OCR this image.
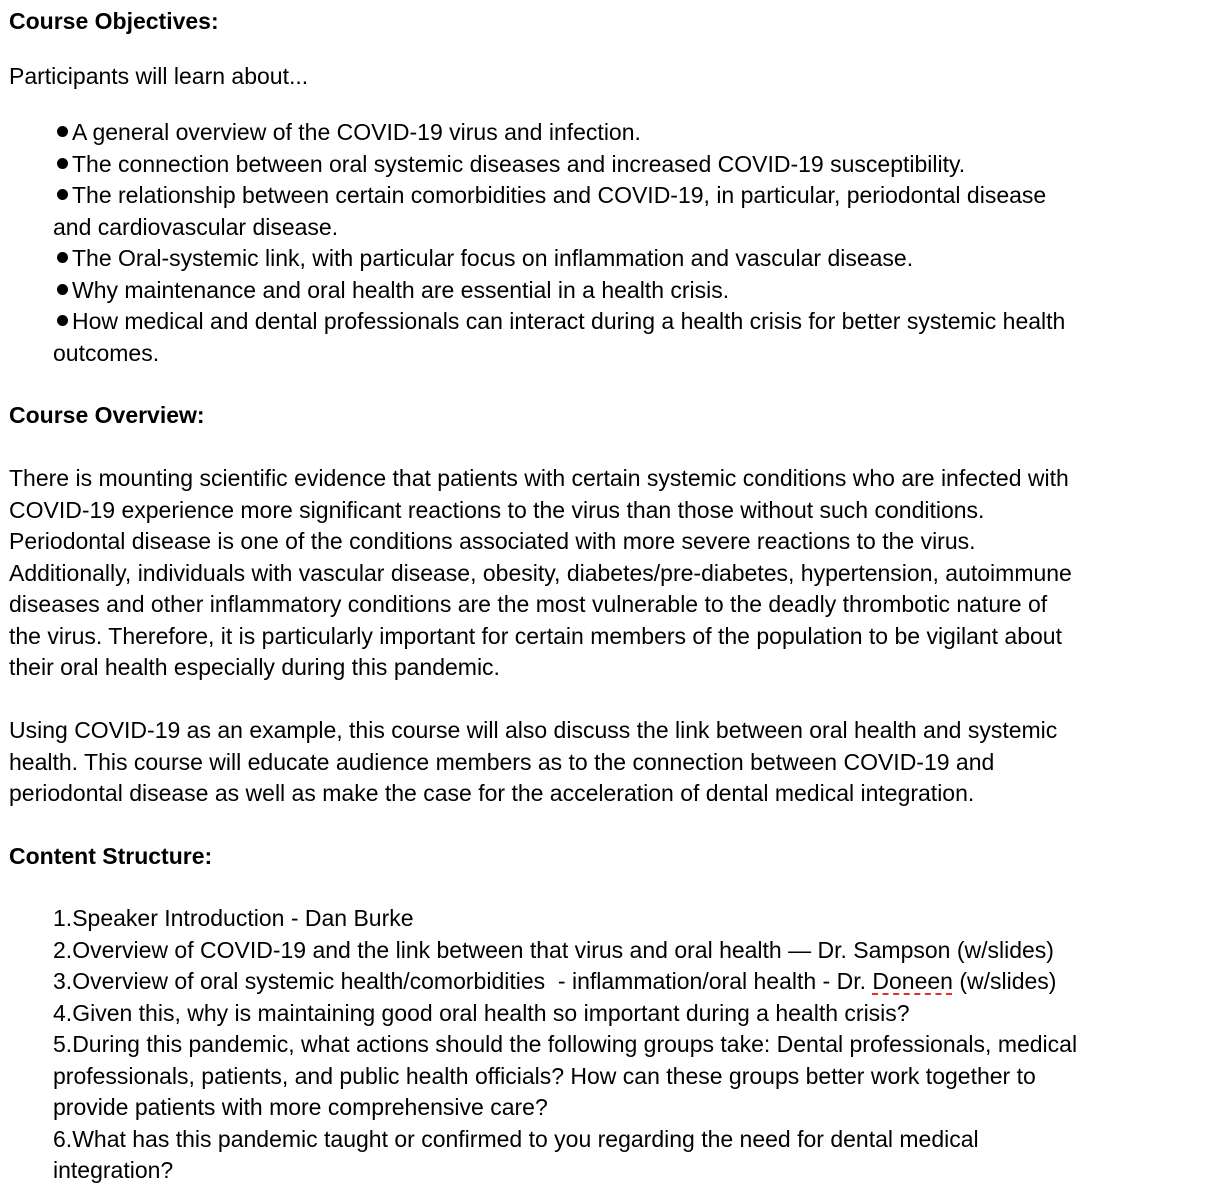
Course Objectives:
Participants will learn about...
A general overview of the COVID-19 virus and infection.
The connection between oral systemic diseases and increased COVID-19 susceptibility.
The relationship between certain comorbidities and COVID-19, in particular, periodontal disease
and cardiovascular disease.
The Oral-systemic link, with particular focus on inflammation and vascular disease.
Why maintenance and oral health are essential in a health crisis.
How medical and dental professionals can interact during a health crisis for better systemic health
outcomes.
Course Overview:
There is mounting scientific evidence that patients with certain systemic conditions who are infected with
COVID-19 experience more significant reactions to the virus than those without such conditions.
Periodontal disease is one of the conditions associated with more severe reactions to the virus.
Additionally, individuals with vascular disease, obesity, diabetes/pre-diabetes, hypertension, autoimmune
diseases and other inflammatory conditions are the most vulnerable to the deadly thrombotic nature of
the virus. Therefore, it is particularly important for certain members of the population to be vigilant about
their oral health especially during this pandemic.
Using COVID-19 as an example, this course will also discuss the link between oral health and systemic
health. This course will educate audience members as to the connection between COVID-19 and
periodontal disease as well as make the case for the acceleration of dental medical integration.
Content Structure:
1.Speaker Introduction - Dan Burke
2.Overview of COVID-19 and the link between that virus and oral health — Dr. Sampson (w/slides)
3.Overview of oral systemic health/comorbidities  - inflammation/oral health - Dr. Doneen (w/slides)
4.Given this, why is maintaining good oral health so important during a health crisis?
5.During this pandemic, what actions should the following groups take: Dental professionals, medical
professionals, patients, and public health officials? How can these groups better work together to
provide patients with more comprehensive care?
6.What has this pandemic taught or confirmed to you regarding the need for dental medical
integration?
